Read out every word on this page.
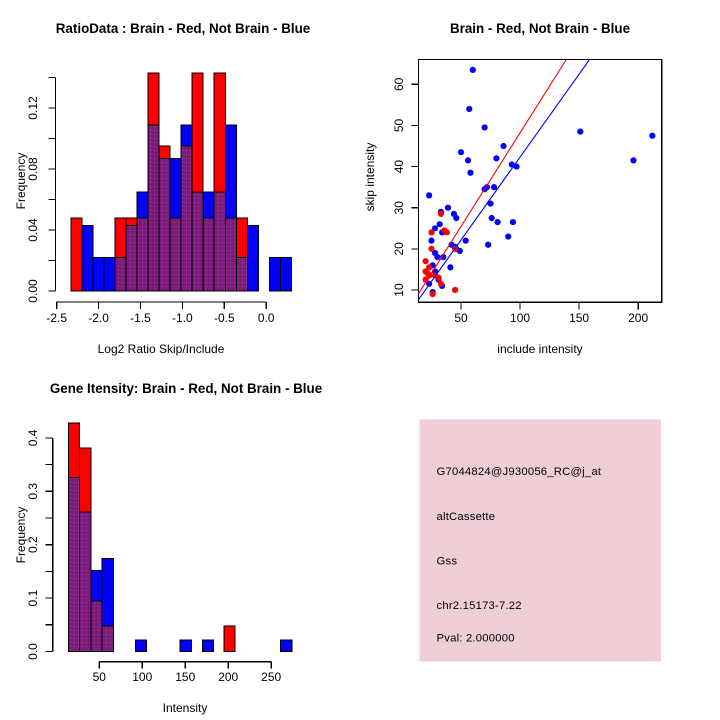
RatioData : Brain - Red, Not Brain - Blue
Log2 Ratio Skip/Include
Frequency
0.00
0.04
0.08
0.12
-2.5 -2.0 -1.5 -1.0 -0.5 0.0
Brain - Red, Not Brain - Blue
include intensity
skip intensity
50	100	150	200
10
20
30
40
50
60
Gene Itensity: Brain - Red, Not Brain - Blue
Intensity
Frequency
0.0
0.1
0.2
0.3
0.4
50 100 150 200 250
G7044824@J930056_RC@j_at
altCassette
Gss
chr2.15173-7.22
Pval: 2.000000
